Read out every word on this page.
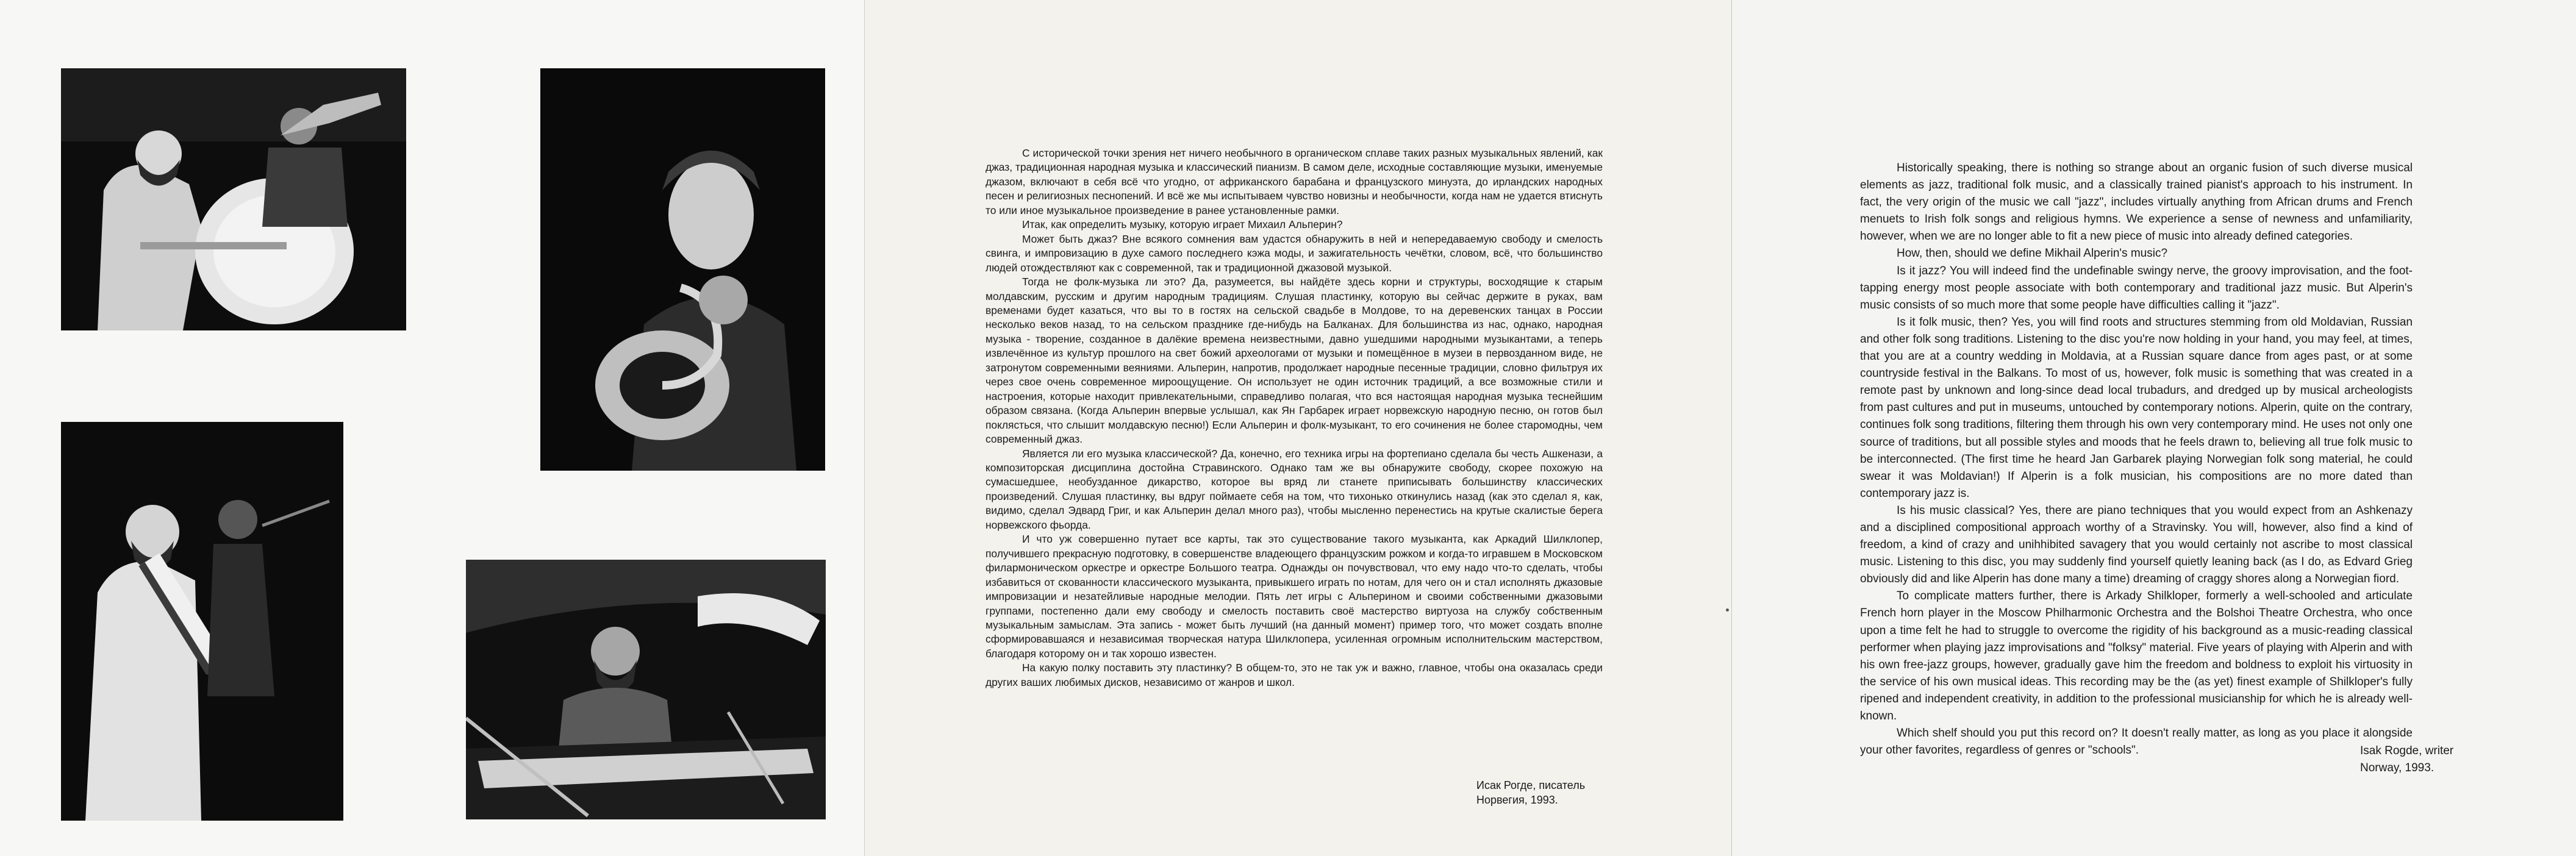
С исторической точки зрения нет ничего необычного в органическом сплаве таких разных музыкальных явлений, как джаз, традиционная народная музыка и классический пианизм. В самом деле, исходные составляющие музыки, именуемые джазом, включают в себя всё что угодно, от африканского барабана и французского минуэта, до ирландских народных песен и религиозных песнопений. И всё же мы испытываем чувство новизны и необычности, когда нам не удается втиснуть то или иное музыкальное произведение в ранее установленные рамки.

Итак, как определить музыку, которую играет Михаил Альперин?

Может быть джаз? Вне всякого сомнения вам удастся обнаружить в ней и непередаваемую свободу и смелость свинга, и импровизацию в духе самого последнего кэжа моды, и зажигательность чечётки, словом, всё, что большинство людей отождествляют как с современной, так и традиционной джазовой музыкой.

Тогда не фолк-музыка ли это? Да, разумеется, вы найдёте здесь корни и структуры, восходящие к старым молдавским, русским и другим народным традициям. Слушая пластинку, которую вы сейчас держите в руках, вам временами будет казаться, что вы то в гостях на сельской свадьбе в Молдове, то на деревенских танцах в России несколько веков назад, то на сельском празднике где-нибудь на Балканах. Для большинства из нас, однако, народная музыка - творение, созданное в далёкие времена неизвестными, давно ушедшими народными музыкантами, а теперь извлечённое из культур прошлого на свет божий археологами от музыки и помещённое в музеи в первозданном виде, не затронутом современными веяниями. Альперин, напротив, продолжает народные песенные традиции, словно фильтруя их через свое очень современное мироощущение. Он использует не один источник традиций, а все возможные стили и настроения, которые находит привлекательными, справедливо полагая, что вся настоящая народная музыка теснейшим образом связана. (Когда Альперин впервые услышал, как Ян Гарбарек играет норвежскую народную песню, он готов был поклясться, что слышит молдавскую песню!) Если Альперин и фолк-музыкант, то его сочинения не более старомодны, чем современный джаз.

Является ли его музыка классической? Да, конечно, его техника игры на фортепиано сделала бы честь Ашкенази, а композиторская дисциплина достойна Стравинского. Однако там же вы обнаружите свободу, скорее похожую на сумасшедшее, необузданное дикарство, которое вы вряд ли станете приписывать большинству классических произведений. Слушая пластинку, вы вдруг поймаете себя на том, что тихонько откинулись назад (как это сделал я, как, видимо, сделал Эдвард Григ, и как Альперин делал много раз), чтобы мысленно перенестись на крутые скалистые берега норвежского фьорда.

И что уж совершенно путает все карты, так это существование такого музыканта, как Аркадий Шилклопер, получившего прекрасную подготовку, в совершенстве владеющего французским рожком и когда-то игравшем в Московском филармоническом оркестре и оркестре Большого театра. Однажды он почувствовал, что ему надо что-то сделать, чтобы избавиться от скованности классического музыканта, привыкшего играть по нотам, для чего он и стал исполнять джазовые импровизации и незатейливые народные мелодии. Пять лет игры с Альперином и своими собственными джазовыми группами, постепенно дали ему свободу и смелость поставить своё мастерство виртуоза на службу собственным музыкальным замыслам. Эта запись - может быть лучший (на данный момент) пример того, что может создать вполне сформировавшаяся и независимая творческая натура Шилклопера, усиленная огромным исполнительским мастерством, благодаря которому он и так хорошо известен.

На какую полку поставить эту пластинку? В общем-то, это не так уж и важно, главное, чтобы она оказалась среди других ваших любимых дисков, независимо от жанров и школ.

Исак Рогде, писатель
Норвегия, 1993.

Historically speaking, there is nothing so strange about an organic fusion of such diverse musical elements as jazz, traditional folk music, and a classically trained pianist's approach to his instrument. In fact, the very origin of the music we call "jazz", includes virtually anything from African drums and French menuets to Irish folk songs and religious hymns. We experience a sense of newness and unfamiliarity, however, when we are no longer able to fit a new piece of music into already defined categories.

How, then, should we define Mikhail Alperin's music?

Is it jazz? You will indeed find the undefinable swingy nerve, the groovy improvisation, and the foot-tapping energy most people associate with both contemporary and traditional jazz music. But Alperin's music consists of so much more that some people have difficulties calling it "jazz".

Is it folk music, then? Yes, you will find roots and structures stemming from old Moldavian, Russian and other folk song traditions. Listening to the disc you're now holding in your hand, you may feel, at times, that you are at a country wedding in Moldavia, at a Russian square dance from ages past, or at some countryside festival in the Balkans. To most of us, however, folk music is something that was created in a remote past by unknown and long-since dead local trubadurs, and dredged up by musical archeologists from past cultures and put in museums, untouched by contemporary notions. Alperin, quite on the contrary, continues folk song traditions, filtering them through his own very contemporary mind. He uses not only one source of traditions, but all possible styles and moods that he feels drawn to, believing all true folk music to be interconnected. (The first time he heard Jan Garbarek playing Norwegian folk song material, he could swear it was Moldavian!) If Alperin is a folk musician, his compositions are no more dated than contemporary jazz is.

Is his music classical? Yes, there are piano techniques that you would expect from an Ashkenazy and a disciplined compositional approach worthy of a Stravinsky. You will, however, also find a kind of freedom, a kind of crazy and unihhibited savagery that you would certainly not ascribe to most classical music. Listening to this disc, you may suddenly find yourself quietly leaning back (as I do, as Edvard Grieg obviously did and like Alperin has done many a time) dreaming of craggy shores along a Norwegian fiord.

To complicate matters further, there is Arkady Shilkloper, formerly a well-schooled and articulate French horn player in the Moscow Philharmonic Orchestra and the Bolshoi Theatre Orchestra, who once upon a time felt he had to struggle to overcome the rigidity of his background as a music-reading classical performer when playing jazz improvisations and "folksy" material. Five years of playing with Alperin and with his own free-jazz groups, however, gradually gave him the freedom and boldness to exploit his virtuosity in the service of his own musical ideas. This recording may be the (as yet) finest example of Shilkloper's fully ripened and independent creativity, in addition to the professional musicianship for which he is already well-known.

Which shelf should you put this record on? It doesn't really matter, as long as you place it alongside your other favorites, regardless of genres or "schools".	Isak Rogde, writer
Norway, 1993.
